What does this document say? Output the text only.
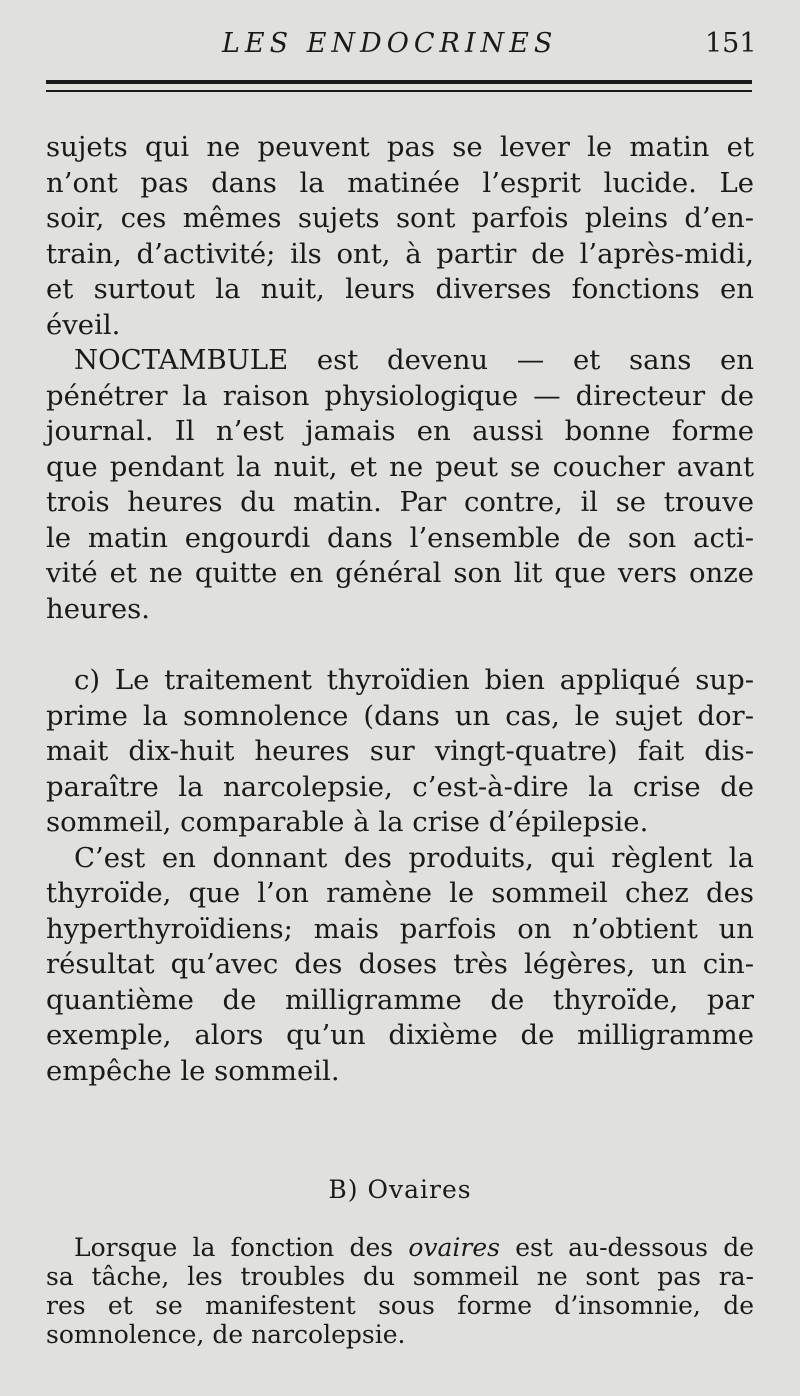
LES ENDOCRINES	151

sujets qui ne peuvent pas se lever le matin et
n’ont pas dans la matinée l’esprit lucide. Le
soir, ces mêmes sujets sont parfois pleins d’en-
train, d’activité; ils ont, à partir de l’après-midi,
et surtout la nuit, leurs diverses fonctions en
éveil.

NOCTAMBULE est devenu — et sans en
pénétrer la raison physiologique — directeur de
journal. Il n’est jamais en aussi bonne forme
que pendant la nuit, et ne peut se coucher avant
trois heures du matin. Par contre, il se trouve
le matin engourdi dans l’ensemble de son acti-
vité et ne quitte en général son lit que vers onze
heures.

c) Le traitement thyroïdien bien appliqué sup-
prime la somnolence (dans un cas, le sujet dor-
mait dix-huit heures sur vingt-quatre) fait dis-
paraître la narcolepsie, c’est-à-dire la crise de
sommeil, comparable à la crise d’épilepsie.

C’est en donnant des produits, qui règlent la
thyroïde, que l’on ramène le sommeil chez des
hyperthyroïdiens; mais parfois on n’obtient un
résultat qu’avec des doses très légères, un cin-
quantième de milligramme de thyroïde, par
exemple, alors qu’un dixième de milligramme
empêche le sommeil.

B) Ovaires

Lorsque la fonction des ovaires est au-dessous de
sa tâche, les troubles du sommeil ne sont pas ra-
res et se manifestent sous forme d’insomnie, de
somnolence, de narcolepsie.
